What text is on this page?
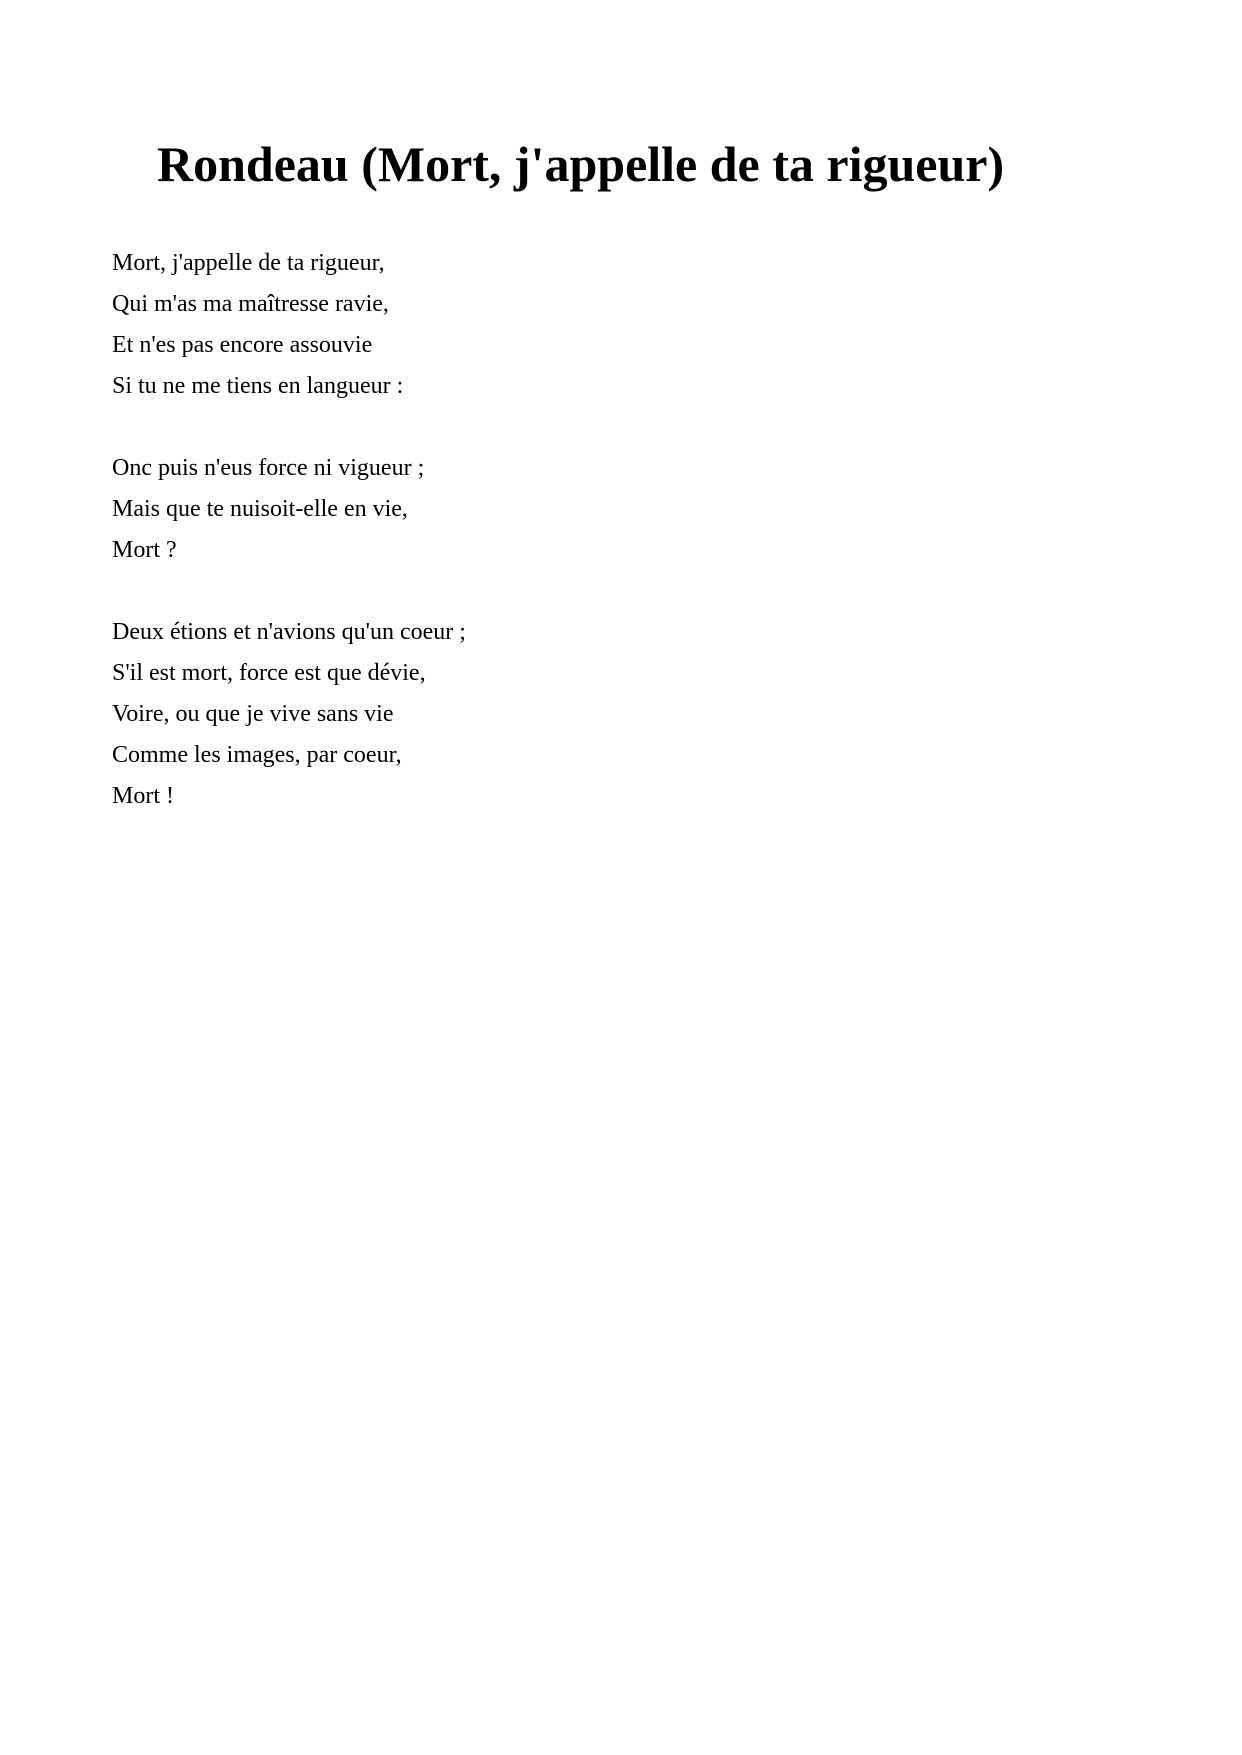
Rondeau (Mort, j'appelle de ta rigueur)
Mort, j'appelle de ta rigueur,
Qui m'as ma maîtresse ravie,
Et n'es pas encore assouvie
Si tu ne me tiens en langueur :
Onc puis n'eus force ni vigueur ;
Mais que te nuisoit-elle en vie,
Mort ?
Deux étions et n'avions qu'un coeur ;
S'il est mort, force est que dévie,
Voire, ou que je vive sans vie
Comme les images, par coeur,
Mort !
